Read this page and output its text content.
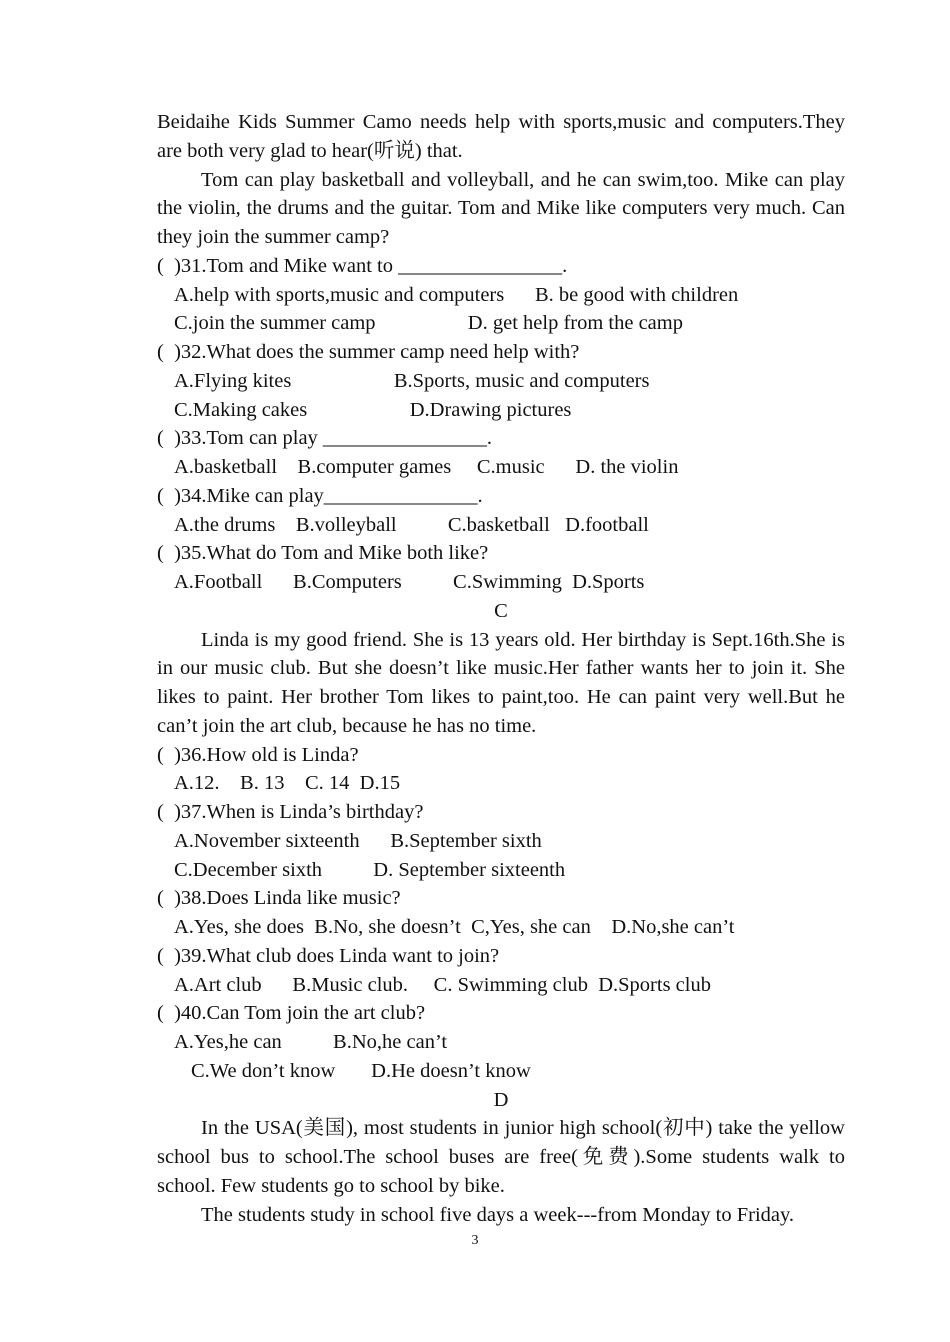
Beidaihe Kids Summer Camo needs help with sports,music and computers.They are both very glad to hear(听说) that.
Tom can play basketball and volleyball, and he can swim,too. Mike can play the violin, the drums and the guitar. Tom and Mike like computers very much. Can they join the summer camp?
(  )31.Tom and Mike want to ________________.
A.help with sports,music and computers      B. be good with children
C.join the summer camp                  D. get help from the camp
(  )32.What does the summer camp need help with?
A.Flying kites                    B.Sports, music and computers
C.Making cakes                    D.Drawing pictures
(  )33.Tom can play ________________.
A.basketball    B.computer games     C.music      D. the violin
(  )34.Mike can play_______________.
A.the drums    B.volleyball          C.basketball   D.football
(  )35.What do Tom and Mike both like?
A.Football      B.Computers          C.Swimming  D.Sports
C
Linda is my good friend. She is 13 years old. Her birthday is Sept.16th.She is in our music club. But she doesn’t like music.Her father wants her to join it. She likes to paint. Her brother Tom likes to paint,too. He can paint very well.But he can’t join the art club, because he has no time.
(  )36.How old is Linda?
A.12.    B. 13    C. 14  D.15
(  )37.When is Linda’s birthday?
A.November sixteenth      B.September sixth
C.December sixth          D. September sixteenth
(  )38.Does Linda like music?
A.Yes, she does  B.No, she doesn’t  C,Yes, she can    D.No,she can’t
(  )39.What club does Linda want to join?
A.Art club      B.Music club.     C. Swimming club  D.Sports club
(  )40.Can Tom join the art club?
A.Yes,he can          B.No,he can’t
C.We don’t know       D.He doesn’t know
D
In the USA(美国), most students in junior high school(初中) take the yellow school bus to school.The school buses are free(免费).Some students walk to school. Few students go to school by bike.
The students study in school five days a week---from Monday to Friday.
3
